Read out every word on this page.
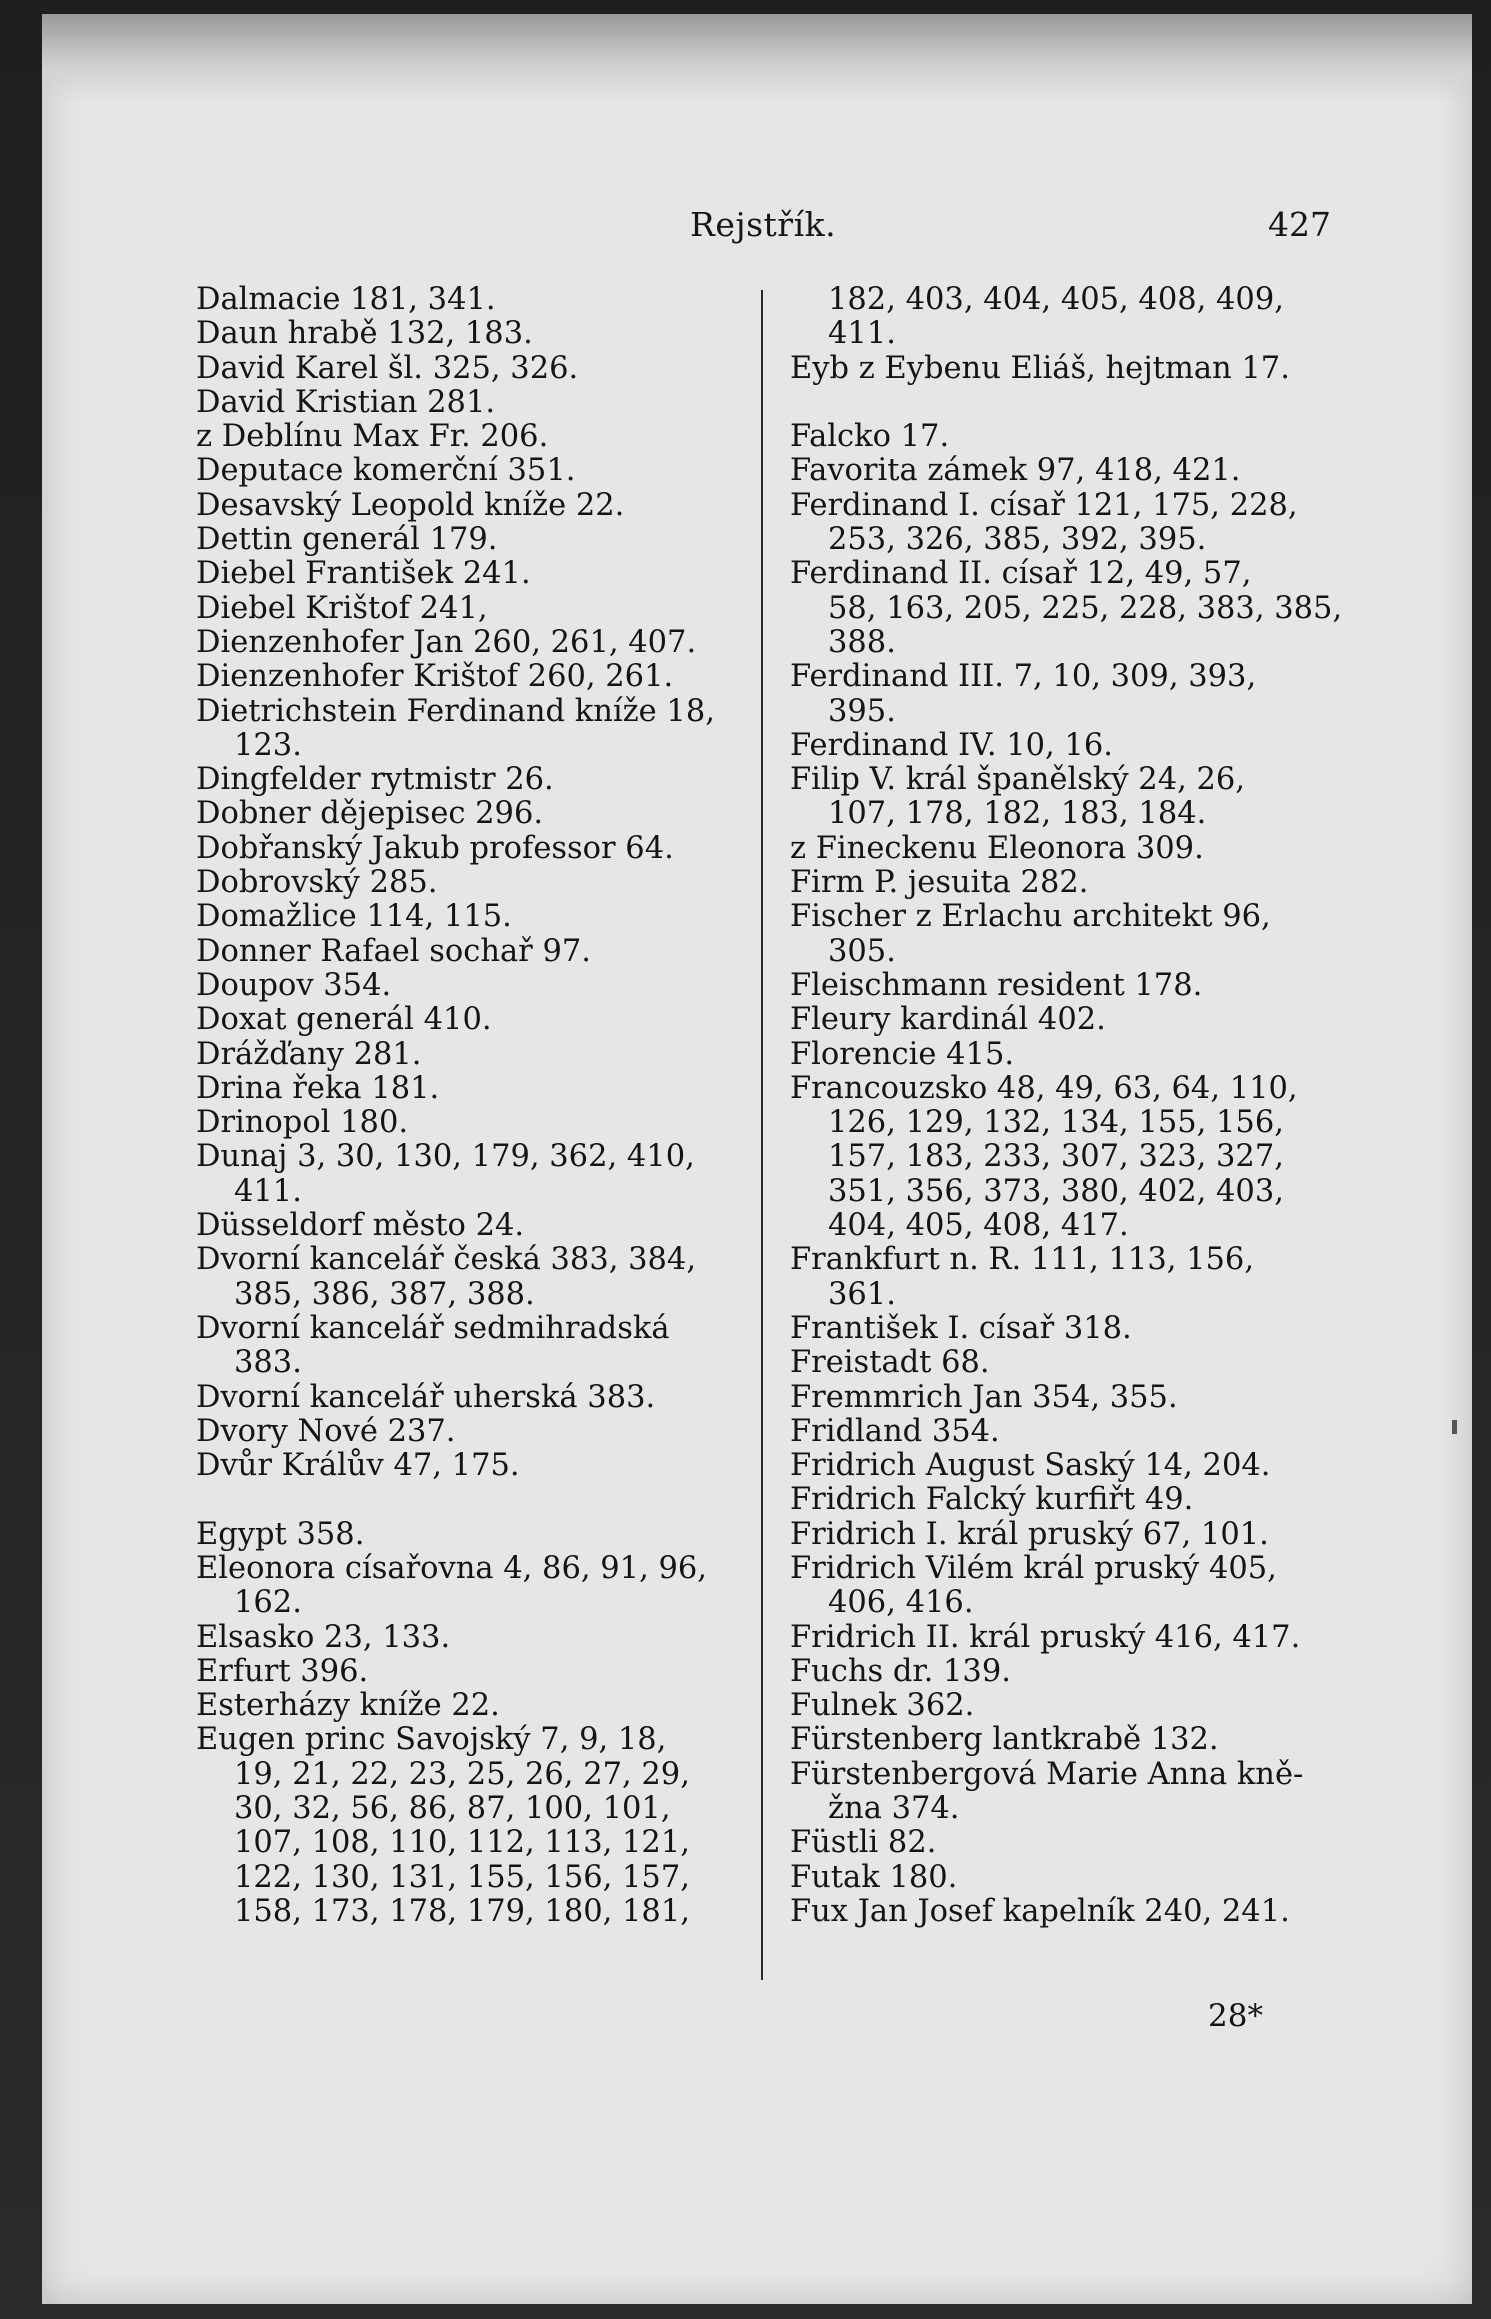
Rejstřík.	427
Dalmacie 181, 341.
Daun hrabě 132, 183.
David Karel šl. 325, 326.
David Kristian 281.
z Deblínu Max Fr. 206.
Deputace komerční 351.
Desavský Leopold kníže 22.
Dettin generál 179.
Diebel František 241.
Diebel Krištof 241,
Dienzenhofer Jan 260, 261, 407.
Dienzenhofer Krištof 260, 261.
Dietrichstein Ferdinand kníže 18,
123.
Dingfelder rytmistr 26.
Dobner dějepisec 296.
Dobřanský Jakub professor 64.
Dobrovský 285.
Domažlice 114, 115.
Donner Rafael sochař 97.
Doupov 354.
Doxat generál 410.
Drážďany 281.
Drina řeka 181.
Drinopol 180.
Dunaj 3, 30, 130, 179, 362, 410,
411.
Düsseldorf město 24.
Dvorní kancelář česká 383, 384,
385, 386, 387, 388.
Dvorní kancelář sedmihradská
383.
Dvorní kancelář uherská 383.
Dvory Nové 237.
Dvůr Králův 47, 175.
Egypt 358.
Eleonora císařovna 4, 86, 91, 96,
162.
Elsasko 23, 133.
Erfurt 396.
Esterházy kníže 22.
Eugen princ Savojský 7, 9, 18,
19, 21, 22, 23, 25, 26, 27, 29,
30, 32, 56, 86, 87, 100, 101,
107, 108, 110, 112, 113, 121,
122, 130, 131, 155, 156, 157,
158, 173, 178, 179, 180, 181,
182, 403, 404, 405, 408, 409,
411.
Eyb z Eybenu Eliáš, hejtman 17.
Falcko 17.
Favorita zámek 97, 418, 421.
Ferdinand I. císař 121, 175, 228,
253, 326, 385, 392, 395.
Ferdinand II. císař 12, 49, 57,
58, 163, 205, 225, 228, 383, 385,
388.
Ferdinand III. 7, 10, 309, 393,
395.
Ferdinand IV. 10, 16.
Filip V. král španělský 24, 26,
107, 178, 182, 183, 184.
z Fineckenu Eleonora 309.
Firm P. jesuita 282.
Fischer z Erlachu architekt 96,
305.
Fleischmann resident 178.
Fleury kardinál 402.
Florencie 415.
Francouzsko 48, 49, 63, 64, 110,
126, 129, 132, 134, 155, 156,
157, 183, 233, 307, 323, 327,
351, 356, 373, 380, 402, 403,
404, 405, 408, 417.
Frankfurt n. R. 111, 113, 156,
361.
František I. císař 318.
Freistadt 68.
Fremmrich Jan 354, 355.
Fridland 354.
Fridrich August Saský 14, 204.
Fridrich Falcký kurfiřt 49.
Fridrich I. král pruský 67, 101.
Fridrich Vilém král pruský 405,
406, 416.
Fridrich II. král pruský 416, 417.
Fuchs dr. 139.
Fulnek 362.
Fürstenberg lantkrabě 132.
Fürstenbergová Marie Anna kně-
žna 374.
Füstli 82.
Futak 180.
Fux Jan Josef kapelník 240, 241.
28*
